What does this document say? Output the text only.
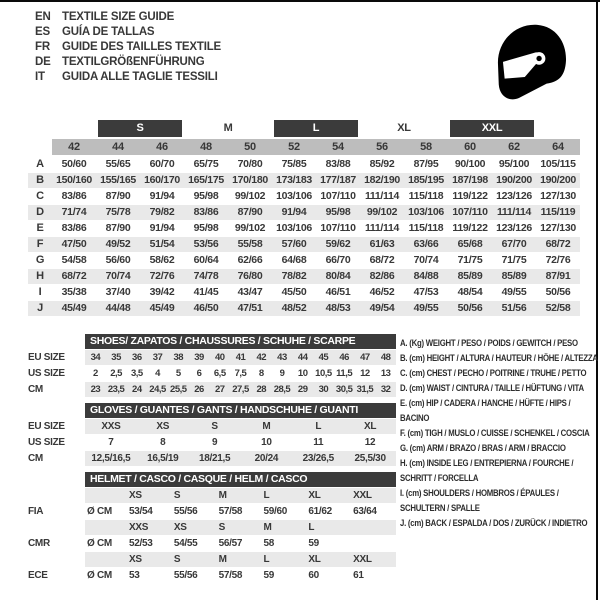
EN TEXTILE SIZE GUIDE
ES	GUÍA DE TALLAS
FR	GUIDE DES TAILLES TEXTILE
DE TEXTILGRÖßENFÜHRUNG
IT	GUIDA ALLE TAGLIE TESSILI
S	M	L	XL	XXL
42	44	46	48	50	52	54	56	58	60	62	64
A	50/60	55/65	60/70	65/75	70/80	75/85	83/88	85/92	87/95	90/100	95/100	105/115
B	150/160 155/165 160/170 165/175 170/180 173/183 177/187 182/190 185/195 187/198 190/200 190/200
C	83/86	87/90	91/94	95/98	99/102	103/106 107/110 111/114 115/118 119/122 123/126 127/130
D	71/74	75/78	79/82	83/86	87/90	91/94	95/98	99/102	103/106 107/110 111/114 115/119
E	83/86	87/90	91/94	95/98	99/102	103/106 107/110 111/114 115/118 119/122 123/126 127/130
F	47/50	49/52	51/54	53/56	55/58	57/60	59/62	61/63	63/66	65/68	67/70	68/72
G	54/58	56/60	58/62	60/64	62/66	64/68	66/70	68/72	70/74	71/75	71/75	72/76
H	68/72	70/74	72/76	74/78	76/80	78/82	80/84	82/86	84/88	85/89	85/89	87/91
I	35/38	37/40	39/42	41/45	43/47	45/50	46/51	46/52	47/53	48/54	49/55	50/56
J	45/49	44/48	45/49	46/50	47/51	48/52	48/53	49/54	49/55	50/56	51/56	52/58
SHOES/ ZAPATOS / CHAUSSURES / SCHUHE / SCARPE
EU SIZE	34	35	36	37	38	39	40	41	42	43	44	45	46	47	48
US SIZE	2	2,5 3,5	4	5	6	6,5 7,5	8	9	10 10,5 11,5 12	13
CM	23 23,5 24 24,5 25,5 26	27 27,5 28 28,5 29	30 30,5 31,5 32
GLOVES / GUANTES / GANTS / HANDSCHUHE / GUANTI
EU SIZE	XXS	XS	S	M	L	XL
US SIZE	7	8	9	10	11	12
CM	12,5/16,5	16,5/19	18/21,5	20/24	23/26,5	25,5/30
HELMET / CASCO / CASQUE / HELM / CASCO
XS	S	M	L	XL	XXL
FIA	Ø CM	53/54	55/56	57/58	59/60	61/62	63/64
XXS	XS	S	M	L
CMR	Ø CM	52/53	54/55	56/57	58	59
XS	S	M	L	XL	XXL
ECE	Ø CM	53	55/56	57/58	59	60	61
A. (Kg) WEIGHT / PESO / POIDS / GEWITCH / PESO
B. (cm) HEIGHT / ALTURA / HAUTEUR / HÖHE / ALTEZZA
C. (cm) CHEST / PECHO / POITRINE / TRUHE / PETTO
D. (cm) WAIST / CINTURA / TAILLE / HÜFTUNG / VITA
E. (cm) HIP / CADERA / HANCHE / HÜFTE / HIPS / BACINO
F. (cm) TIGH / MUSLO / CUISSE / SCHENKEL / COSCIA
G. (cm) ARM / BRAZO / BRAS / ARM / BRACCIO
H. (cm) INSIDE LEG / ENTREPIERNA / FOURCHE / SCHRITT / FORCELLA
I. (cm) SHOULDERS / HOMBROS / ÉPAULES / SCHULTERN / SPALLE
J. (cm) BACK / ESPALDA / DOS / ZURÜCK / INDIETRO
